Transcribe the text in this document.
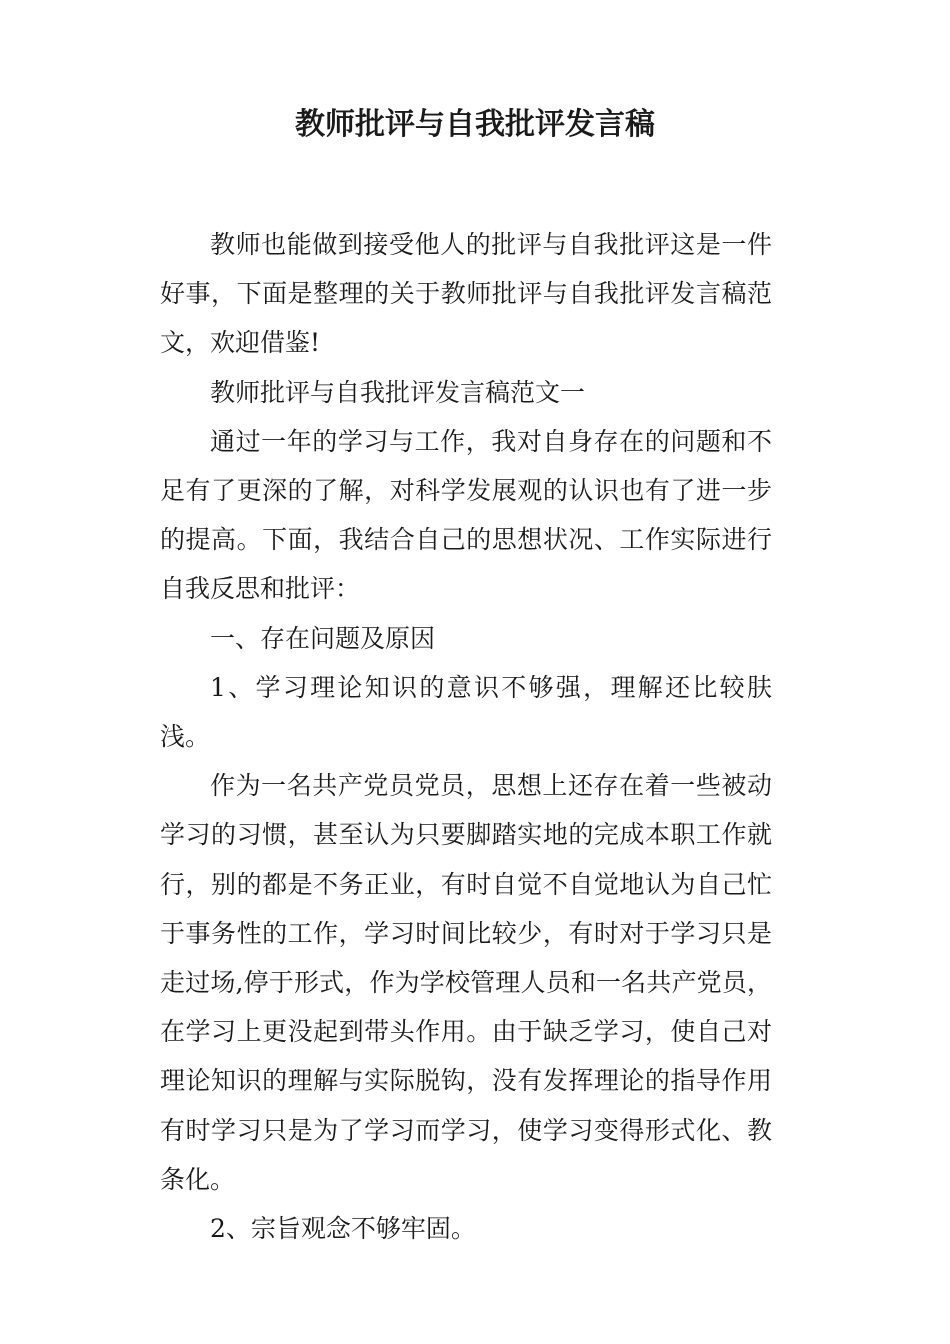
教师批评与自我批评发言稿

教师也能做到接受他人的批评与自我批评这是一件好事，下面是整理的关于教师批评与自我批评发言稿范文，欢迎借鉴!

教师批评与自我批评发言稿范文一

通过一年的学习与工作，我对自身存在的问题和不足有了更深的了解，对科学发展观的认识也有了进一步的提高。下面，我结合自己的思想状况、工作实际进行自我反思和批评：

一、存在问题及原因

1、学习理论知识的意识不够强，理解还比较肤浅。

作为一名共产党员党员，思想上还存在着一些被动学习的习惯，甚至认为只要脚踏实地的完成本职工作就行，别的都是不务正业，有时自觉不自觉地认为自己忙于事务性的工作，学习时间比较少，有时对于学习只是走过场,停于形式，作为学校管理人员和一名共产党员，在学习上更没起到带头作用。由于缺乏学习，使自己对理论知识的理解与实际脱钩，没有发挥理论的指导作用有时学习只是为了学习而学习，使学习变得形式化、教条化。

2、宗旨观念不够牢固。
